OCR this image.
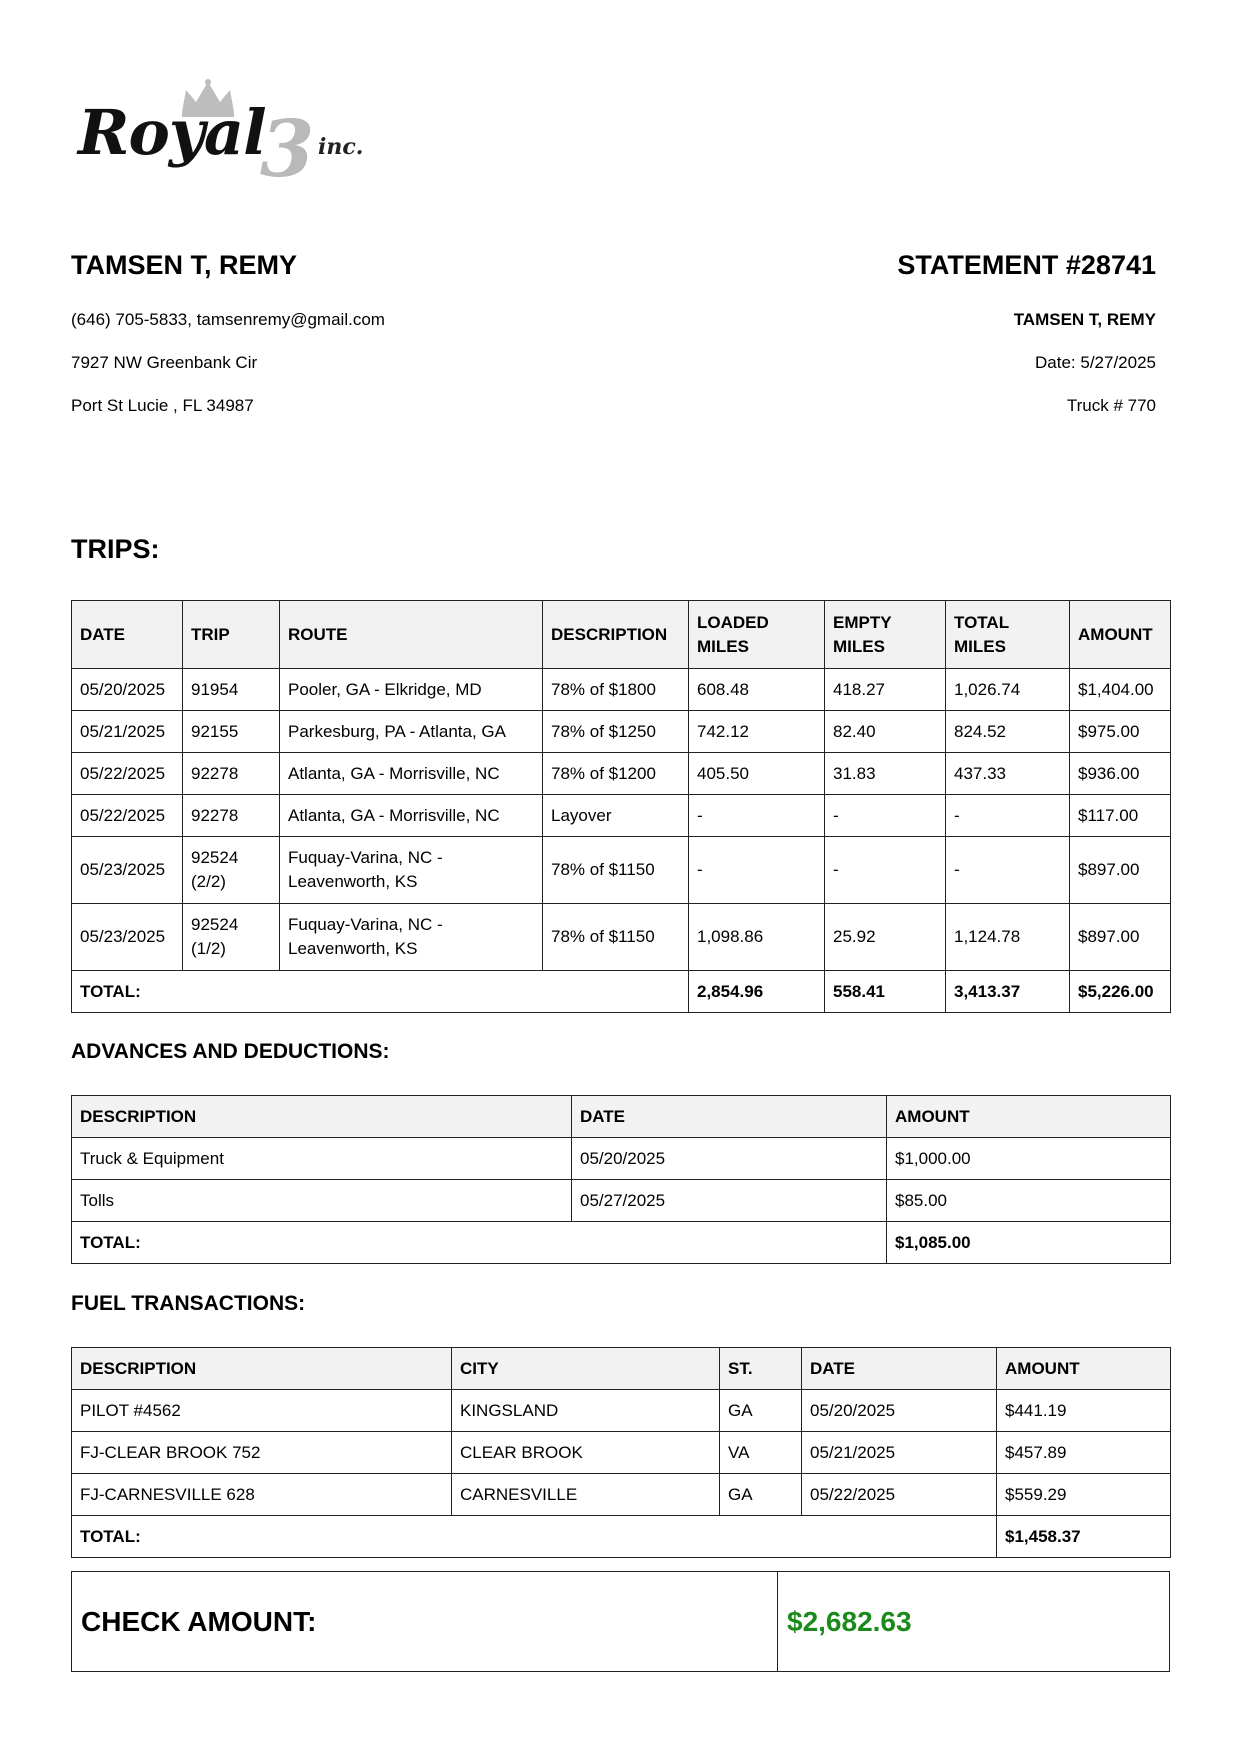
Royal
3 inc.
TAMSEN T, REMY
(646) 705-5833, tamsenremy@gmail.com
7927 NW Greenbank Cir
Port St Lucie , FL 34987
STATEMENT #28741
TAMSEN T, REMY
Date: 5/27/2025
Truck # 770
TRIPS:
DATE	TRIP	ROUTE	DESCRIPTION	LOADED MILES	EMPTY MILES	TOTAL MILES	AMOUNT
05/20/2025	91954	Pooler, GA - Elkridge, MD	78% of $1800	608.48	418.27	1,026.74	$1,404.00
05/21/2025	92155	Parkesburg, PA - Atlanta, GA	78% of $1250	742.12	82.40	824.52	$975.00
05/22/2025	92278	Atlanta, GA - Morrisville, NC	78% of $1200	405.50	31.83	437.33	$936.00
05/22/2025	92278	Atlanta, GA - Morrisville, NC	Layover	-	-	-	$117.00
05/23/2025	92524 (2/2)	Fuquay-Varina, NC - Leavenworth, KS	78% of $1150	-	-	-	$897.00
05/23/2025	92524 (1/2)	Fuquay-Varina, NC - Leavenworth, KS	78% of $1150	1,098.86	25.92	1,124.78	$897.00
TOTAL:				2,854.96	558.41	3,413.37	$5,226.00
ADVANCES AND DEDUCTIONS:
DESCRIPTION	DATE	AMOUNT
Truck & Equipment	05/20/2025	$1,000.00
Tolls	05/27/2025	$85.00
TOTAL:		$1,085.00
FUEL TRANSACTIONS:
DESCRIPTION	CITY	ST.	DATE	AMOUNT
PILOT #4562	KINGSLAND	GA	05/20/2025	$441.19
FJ-CLEAR BROOK 752	CLEAR BROOK	VA	05/21/2025	$457.89
FJ-CARNESVILLE 628	CARNESVILLE	GA	05/22/2025	$559.29
TOTAL:				$1,458.37
CHECK AMOUNT:	$2,682.63
